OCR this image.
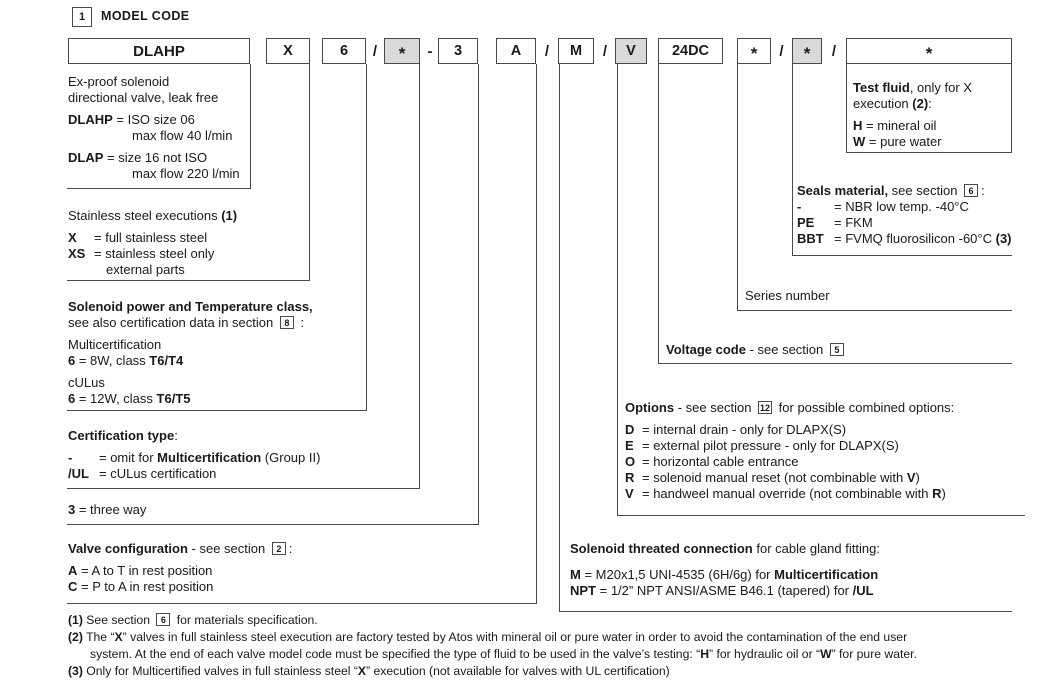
1 MODEL CODE
DLAHP	X	6	/	*	-	3	A	/	M	/	V	24DC	*	/	*	/	*
Ex-proof solenoid
directional valve, leak free
DLAHP = ISO size 06
max flow 40 l/min
DLAP = size 16 not ISO
max flow 220 l/min
Stainless steel executions (1)
X = full stainless steel
XS = stainless steel only
external parts
Solenoid power and Temperature class,
see also certification data in section 8 :
Multicertification
6 = 8W, class T6/T4
cULus
6 = 12W, class T6/T5
Certification type:
- = omit for Multicertification (Group II)
/UL = cULus certification
3 = three way
Valve configuration - see section 2 :
A = A to T in rest position
C = P to A in rest position
Test fluid, only for X
execution (2):
H = mineral oil
W = pure water
Seals material, see section 6 :
-	= NBR low temp. -40°C
PE = FKM
BBT = FVMQ fluorosilicon -60°C (3)
Series number
Voltage code - see section 5
Options - see section 12 for possible combined options:
D = internal drain - only for DLAPX(S)
E = external pilot pressure - only for DLAPX(S)
O = horizontal cable entrance
R = solenoid manual reset (not combinable with V)
V = handweel manual override (not combinable with R)
Solenoid threated connection for cable gland fitting:
M = M20x1,5 UNI-4535 (6H/6g) for Multicertification
NPT = 1/2” NPT ANSI/ASME B46.1 (tapered) for /UL
(1) See section 6 for materials specification.
(2) The “X” valves in full stainless steel execution are factory tested by Atos with mineral oil or pure water in order to avoid the contamination of the end user
system. At the end of each valve model code must be specified the type of fluid to be used in the valve’s testing: “H” for hydraulic oil or “W” for pure water.
(3) Only for Multicertified valves in full stainless steel “X” execution (not available for valves with UL certification)
